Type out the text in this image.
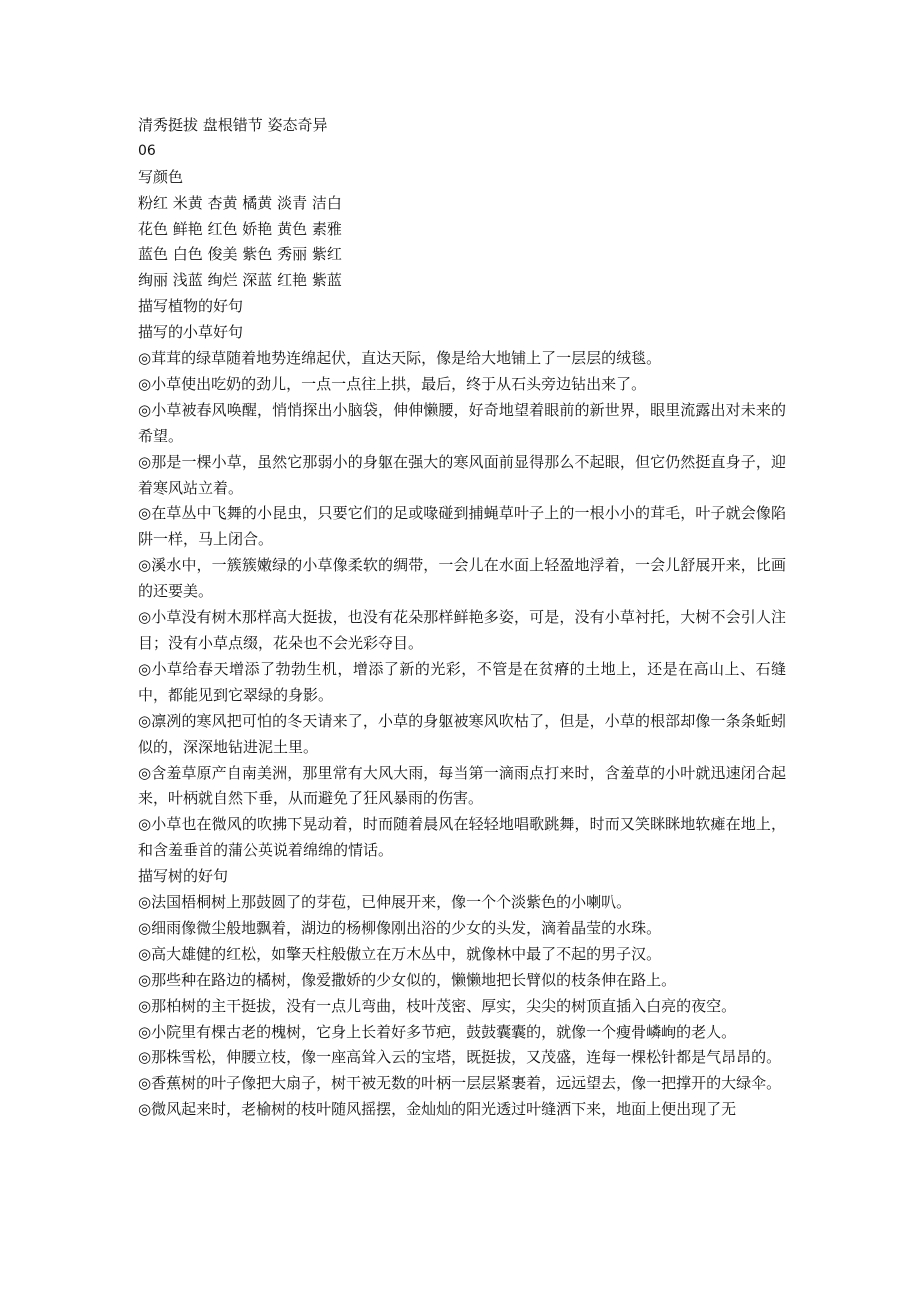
清秀挺拔 盘根错节 姿态奇异
06
写颜色
粉红 米黄 杏黄 橘黄 淡青 洁白
花色 鲜艳 红色 娇艳 黄色 素雅
蓝色 白色 俊美 紫色 秀丽 紫红
绚丽 浅蓝 绚烂 深蓝 红艳 紫蓝
描写植物的好句
描写的小草好句
◎茸茸的绿草随着地势连绵起伏，直达天际，像是给大地铺上了一层层的绒毯。
◎小草使出吃奶的劲儿，一点一点往上拱，最后，终于从石头旁边钻出来了。
◎小草被春风唤醒，悄悄探出小脑袋，伸伸懒腰，好奇地望着眼前的新世界，眼里流露出对未来的希望。
◎那是一棵小草，虽然它那弱小的身躯在强大的寒风面前显得那么不起眼，但它仍然挺直身子，迎着寒风站立着。
◎在草丛中飞舞的小昆虫，只要它们的足或喙碰到捕蝇草叶子上的一根小小的茸毛，叶子就会像陷阱一样，马上闭合。
◎溪水中，一簇簇嫩绿的小草像柔软的绸带，一会儿在水面上轻盈地浮着，一会儿舒展开来，比画的还要美。
◎小草没有树木那样高大挺拔，也没有花朵那样鲜艳多姿，可是，没有小草衬托，大树不会引人注目；没有小草点缀，花朵也不会光彩夺目。
◎小草给春天增添了勃勃生机，增添了新的光彩，不管是在贫瘠的土地上，还是在高山上、石缝中，都能见到它翠绿的身影。
◎凛冽的寒风把可怕的冬天请来了，小草的身躯被寒风吹枯了，但是，小草的根部却像一条条蚯蚓似的，深深地钻进泥土里。
◎含羞草原产自南美洲，那里常有大风大雨，每当第一滴雨点打来时，含羞草的小叶就迅速闭合起来，叶柄就自然下垂，从而避免了狂风暴雨的伤害。
◎小草也在微风的吹拂下晃动着，时而随着晨风在轻轻地唱歌跳舞，时而又笑眯眯地软瘫在地上，和含羞垂首的蒲公英说着绵绵的情话。
描写树的好句
◎法国梧桐树上那鼓圆了的芽苞，已伸展开来，像一个个淡紫色的小喇叭。
◎细雨像微尘般地飘着，湖边的杨柳像刚出浴的少女的头发，滴着晶莹的水珠。
◎高大雄健的红松，如擎天柱般傲立在万木丛中，就像林中最了不起的男子汉。
◎那些种在路边的橘树，像爱撒娇的少女似的，懒懒地把长臂似的枝条伸在路上。
◎那柏树的主干挺拔，没有一点儿弯曲，枝叶茂密、厚实，尖尖的树顶直插入白亮的夜空。
◎小院里有棵古老的槐树，它身上长着好多节疤，鼓鼓囊囊的，就像一个瘦骨嶙峋的老人。
◎那株雪松，伸腰立枝，像一座高耸入云的宝塔，既挺拔，又茂盛，连每一棵松针都是气昂昂的。
◎香蕉树的叶子像把大扇子，树干被无数的叶柄一层层紧裹着，远远望去，像一把撑开的大绿伞。
◎微风起来时，老榆树的枝叶随风摇摆，金灿灿的阳光透过叶缝洒下来，地面上便出现了无
